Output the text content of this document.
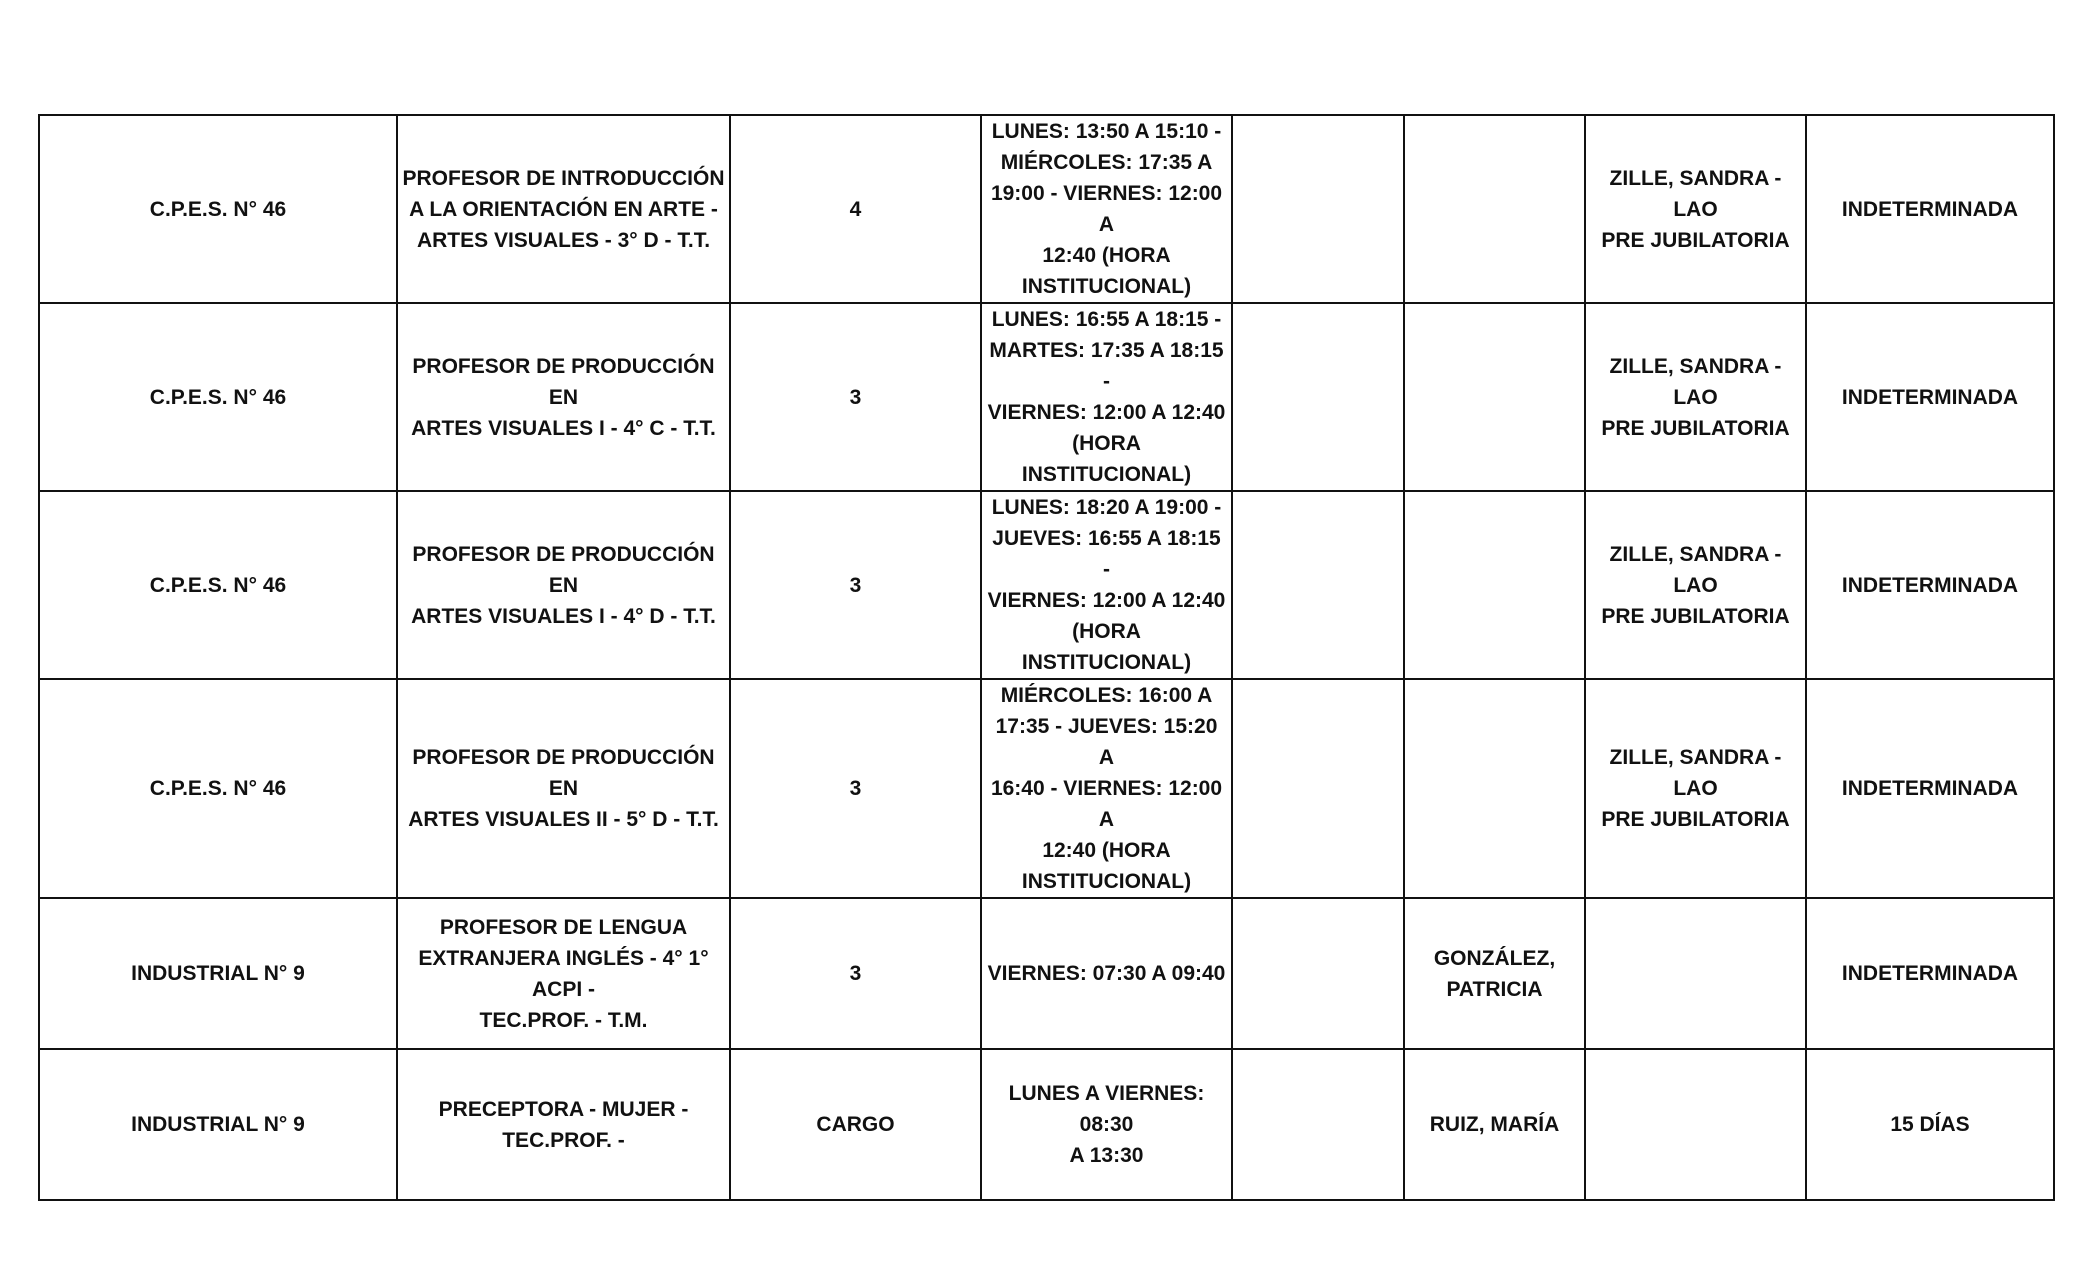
C.P.E.S. N° 46	PROFESOR DE INTRODUCCIÓN
A LA ORIENTACIÓN EN ARTE -
ARTES VISUALES - 3° D - T.T.	4	LUNES: 13:50 A 15:10 -
MIÉRCOLES: 17:35 A
19:00 - VIERNES: 12:00 A
12:40 (HORA
INSTITUCIONAL)			ZILLE, SANDRA - LAO
PRE JUBILATORIA	INDETERMINADA
C.P.E.S. N° 46	PROFESOR DE PRODUCCIÓN EN
ARTES VISUALES I - 4° C - T.T.	3	LUNES: 16:55 A 18:15 -
MARTES: 17:35 A 18:15 -
VIERNES: 12:00 A 12:40
(HORA INSTITUCIONAL)			ZILLE, SANDRA - LAO
PRE JUBILATORIA	INDETERMINADA
C.P.E.S. N° 46	PROFESOR DE PRODUCCIÓN EN
ARTES VISUALES I - 4° D - T.T.	3	LUNES: 18:20 A 19:00 -
JUEVES: 16:55 A 18:15 -
VIERNES: 12:00 A 12:40
(HORA INSTITUCIONAL)			ZILLE, SANDRA - LAO
PRE JUBILATORIA	INDETERMINADA
C.P.E.S. N° 46	PROFESOR DE PRODUCCIÓN EN
ARTES VISUALES II - 5° D - T.T.	3	MIÉRCOLES: 16:00 A
17:35 - JUEVES: 15:20 A
16:40 - VIERNES: 12:00 A
12:40 (HORA
INSTITUCIONAL)			ZILLE, SANDRA - LAO
PRE JUBILATORIA	INDETERMINADA
INDUSTRIAL N° 9	PROFESOR DE LENGUA
EXTRANJERA INGLÉS - 4° 1° ACPI -
TEC.PROF. - T.M.	3	VIERNES: 07:30 A 09:40		GONZÁLEZ,
PATRICIA		INDETERMINADA
INDUSTRIAL N° 9	PRECEPTORA - MUJER -
TEC.PROF. -	CARGO	LUNES A VIERNES: 08:30
A 13:30		RUIZ, MARÍA		15 DÍAS
